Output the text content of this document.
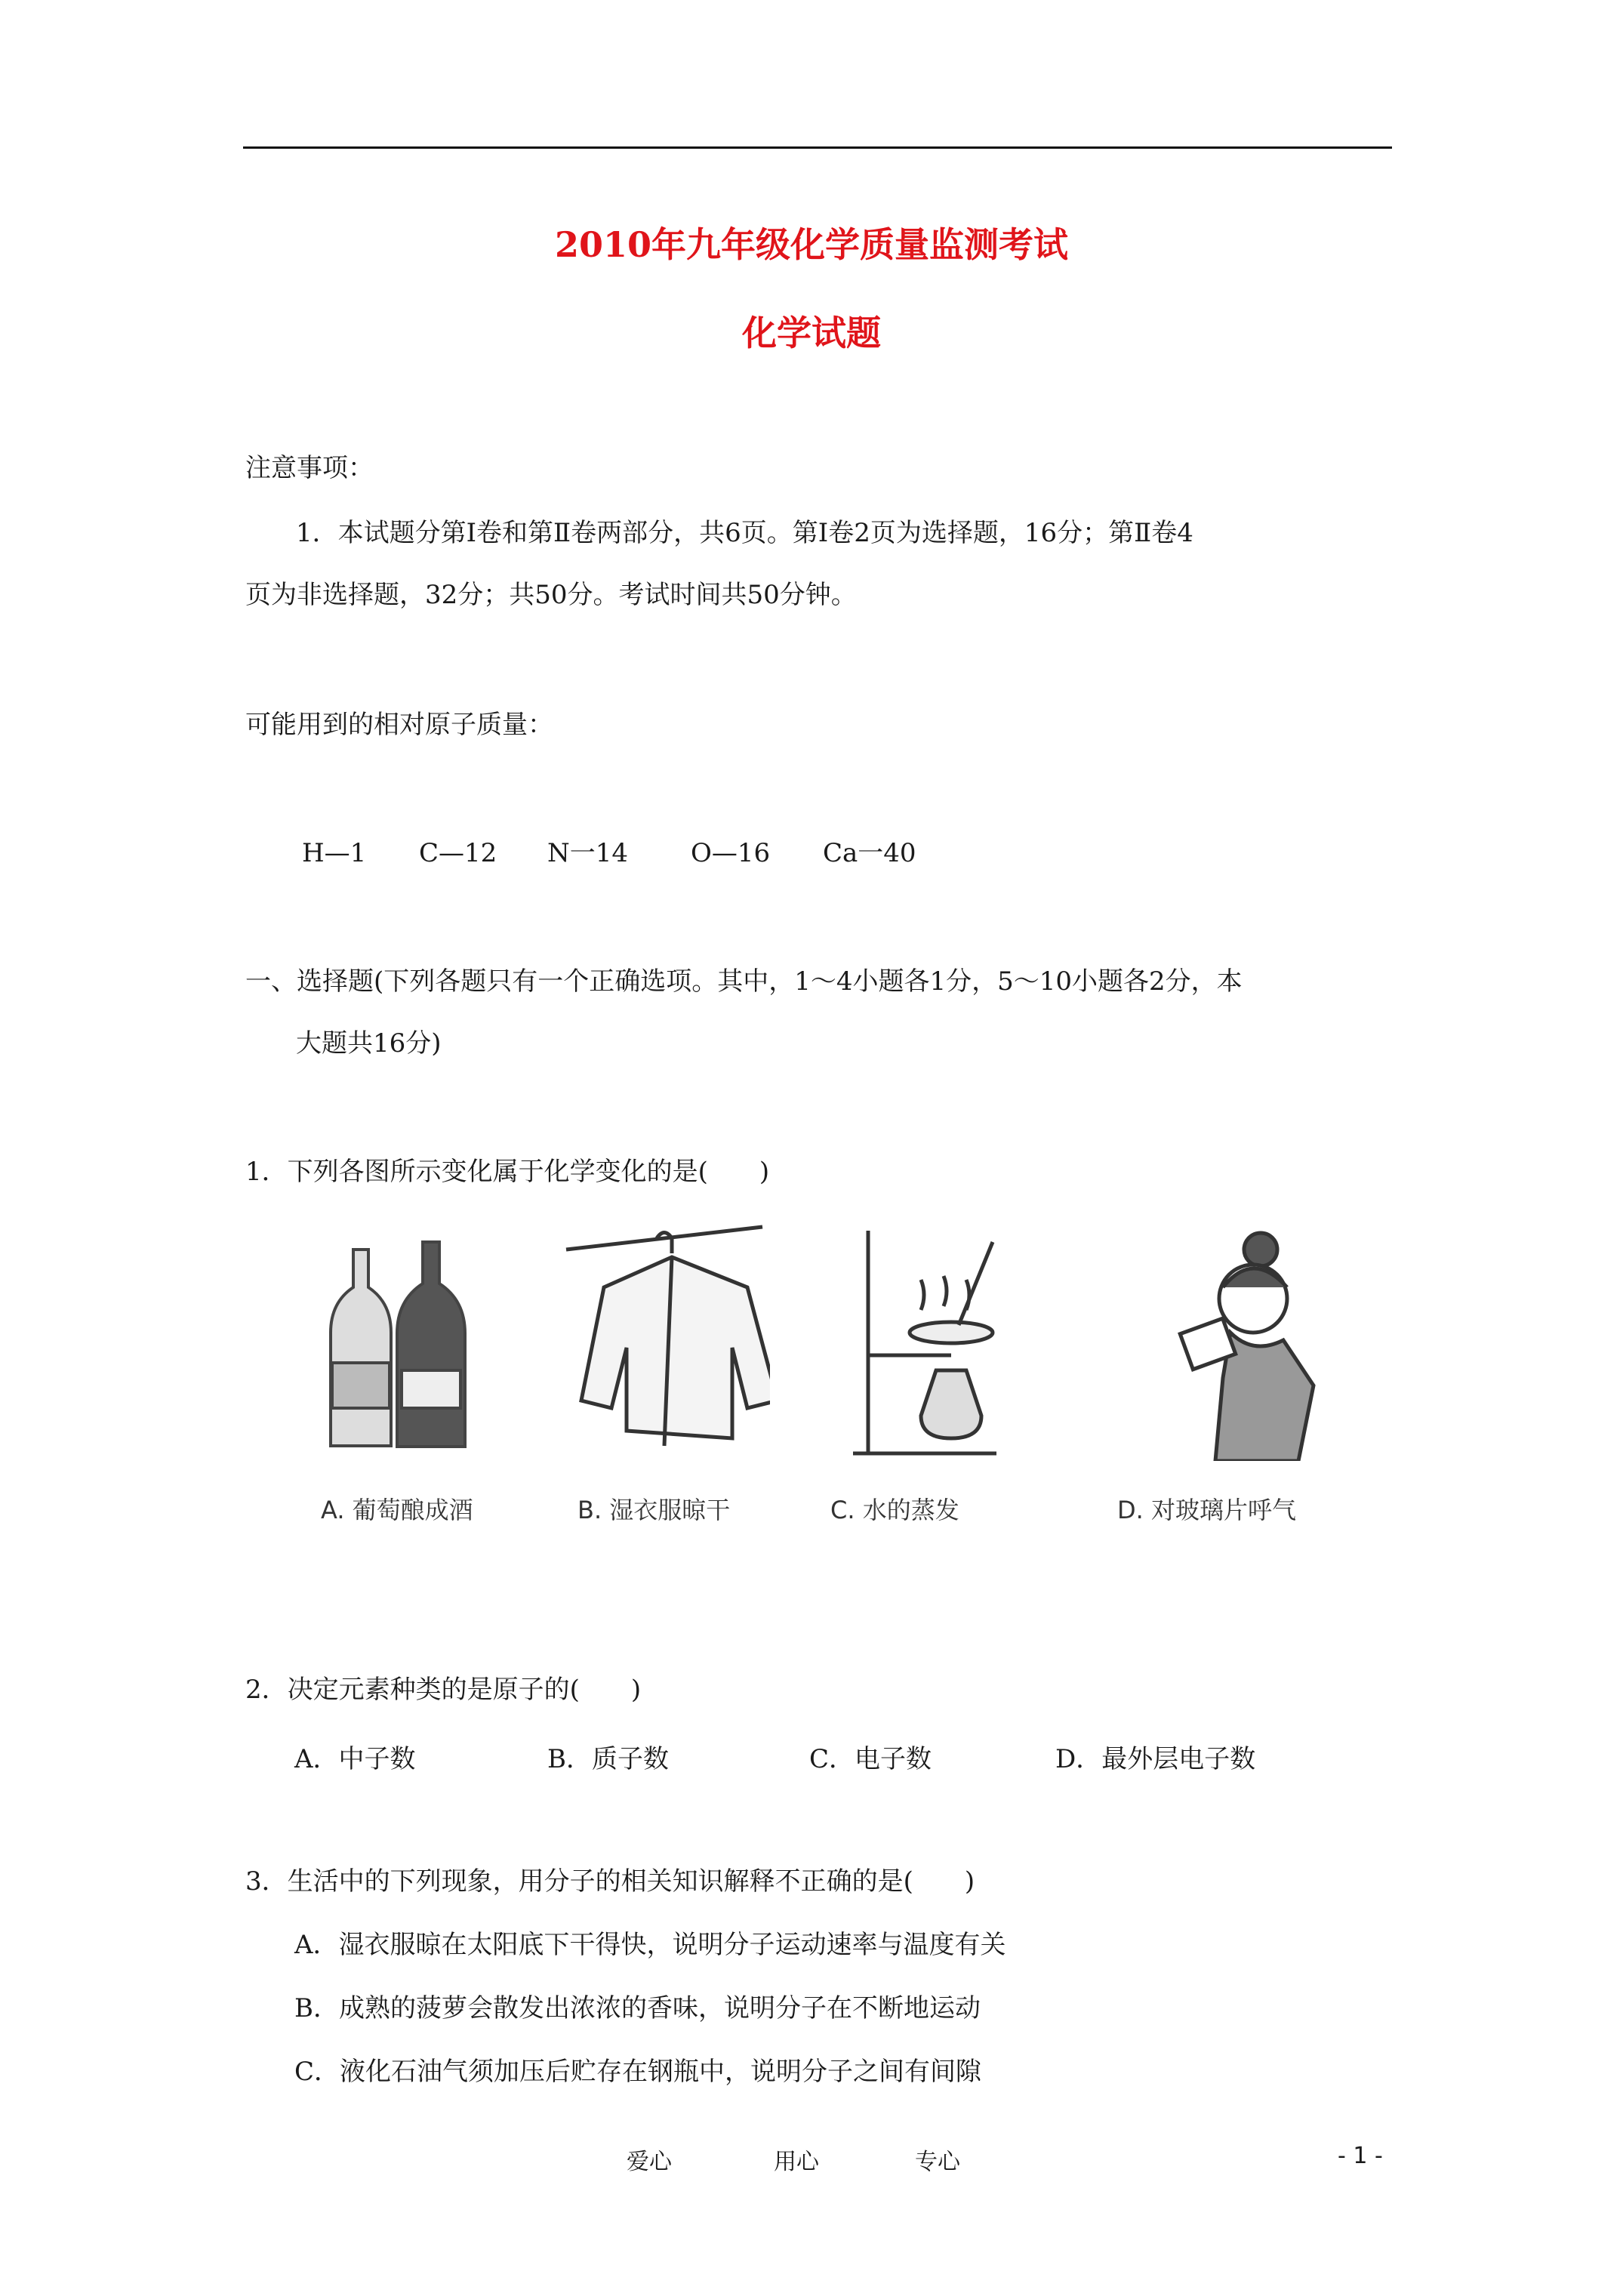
2010年九年级化学质量监测考试
化学试题
注意事项：
1．本试题分第Ⅰ卷和第Ⅱ卷两部分，共6页。第Ⅰ卷2页为选择题，16分；第Ⅱ卷4
页为非选择题，32分；共50分。考试时间共50分钟。
可能用到的相对原子质量：
H—1 C—12 N一14 O—16 Ca一40
一、选择题(下列各题只有一个正确选项。其中，1～4小题各1分，5～10小题各2分，本
大题共16分)
1．下列各图所示变化属于化学变化的是(　　)
A. 葡萄酿成酒	B. 湿衣服晾干	C. 水的蒸发	D. 对玻璃片呼气
2．决定元素种类的是原子的(　　)
A．中子数	B．质子数	C．电子数	D．最外层电子数
3．生活中的下列现象，用分子的相关知识解释不正确的是(　　)
A．湿衣服晾在太阳底下干得快，说明分子运动速率与温度有关
B．成熟的菠萝会散发出浓浓的香味，说明分子在不断地运动
C．液化石油气须加压后贮存在钢瓶中，说明分子之间有间隙
爱心	用心	专心	- 1 -
